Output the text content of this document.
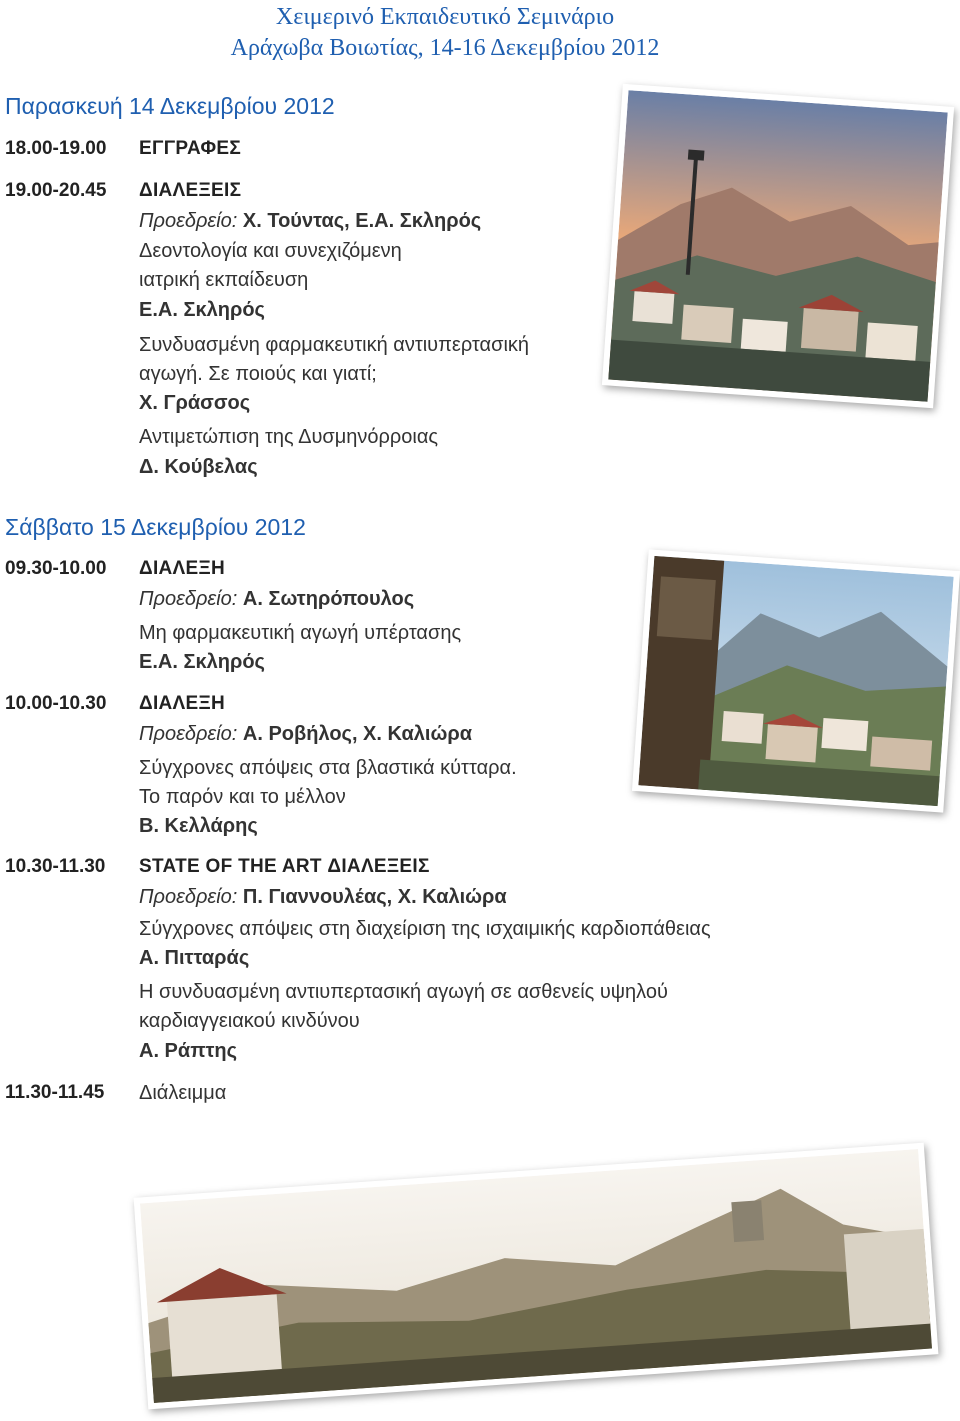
Χειμερινό Εκπαιδευτικό Σεμινάριο
Αράχωβα Βοιωτίας, 14-16 Δεκεμβρίου 2012
Παρασκευή 14 Δεκεμβρίου 2012
18.00-19.00 ΕΓΓΡΑΦΕΣ
19.00-20.45 ΔΙΑΛΕΞΕΙΣ
Προεδρείο: Χ. Τούντας, Ε.Α. Σκληρός
Δεοντολογία και συνεχιζόμενη
ιατρική εκπαίδευση
Ε.Α. Σκληρός
Συνδυασμένη φαρμακευτική αντιυπερτασική
αγωγή. Σε ποιούς και γιατί;
Χ. Γράσσος
Αντιμετώπιση της Δυσμηνόρροιας
Δ. Κούβελας
Σάββατο 15 Δεκεμβρίου 2012
09.30-10.00 ΔΙΑΛΕΞΗ
Προεδρείο: Α. Σωτηρόπουλος
Μη φαρμακευτική αγωγή υπέρτασης
Ε.Α. Σκληρός
10.00-10.30 ΔΙΑΛΕΞΗ
Προεδρείο: Α. Ροβήλος, Χ. Καλιώρα
Σύγχρονες απόψεις στα βλαστικά κύτταρα.
Το παρόν και το μέλλον
Β. Κελλάρης
10.30-11.30 STATE OF THE ART ΔΙΑΛΕΞΕΙΣ
Προεδρείο: Π. Γιαννουλέας, Χ. Καλιώρα
Σύγχρονες απόψεις στη διαχείριση της ισχαιμικής καρδιοπάθειας
Α. Πιτταράς
Η συνδυασμένη αντιυπερτασική αγωγή σε ασθενείς υψηλού
καρδιαγγειακού κινδύνου
Α. Ράπτης
11.30-11.45 Διάλειμμα
